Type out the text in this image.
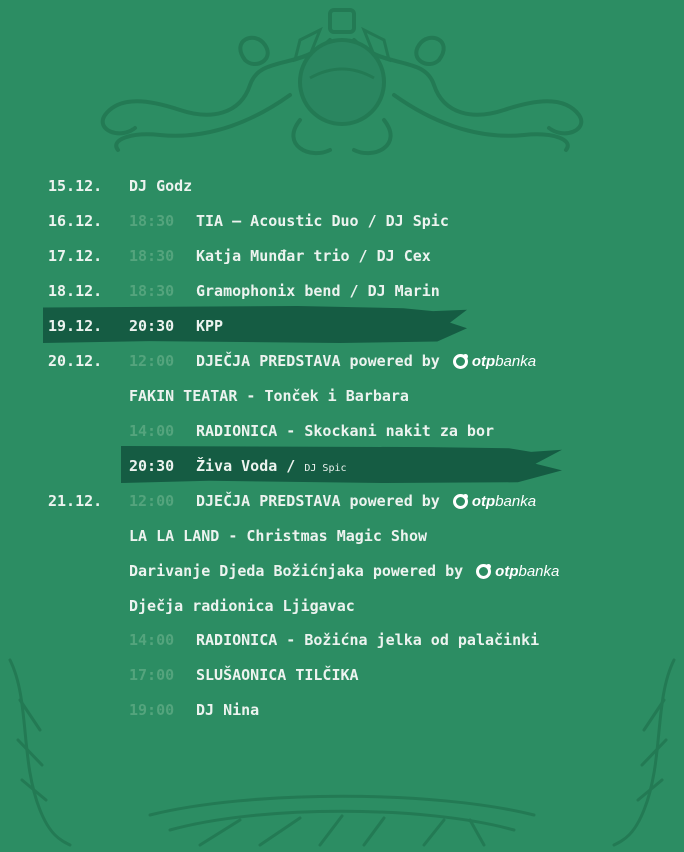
15.12. DJ Godz
16.12. 18:30 TIA – Acoustic Duo / DJ Spic
17.12. 18:30 Katja Munđar trio / DJ Cex
18.12. 18:30 Gramophonix bend / DJ Marin
19.12. 20:30 KPP
20.12. 12:00 DJEČJA PREDSTAVA powered by otp banka
FAKIN TEATAR - Tonček i Barbara
14:00 RADIONICA - Skockani nakit za bor
20:30 Živa Voda / DJ Spic
21.12. 12:00 DJEČJA PREDSTAVA powered by otp banka
LA LA LAND - Christmas Magic Show
Darivanje Djeda Božićnjaka powered by otp banka
Dječja radionica Ljigavac
14:00 RADIONICA - Božićna jelka od palačinki
17:00 SLUŠAONICA TILČIKA
19:00 DJ Nina
